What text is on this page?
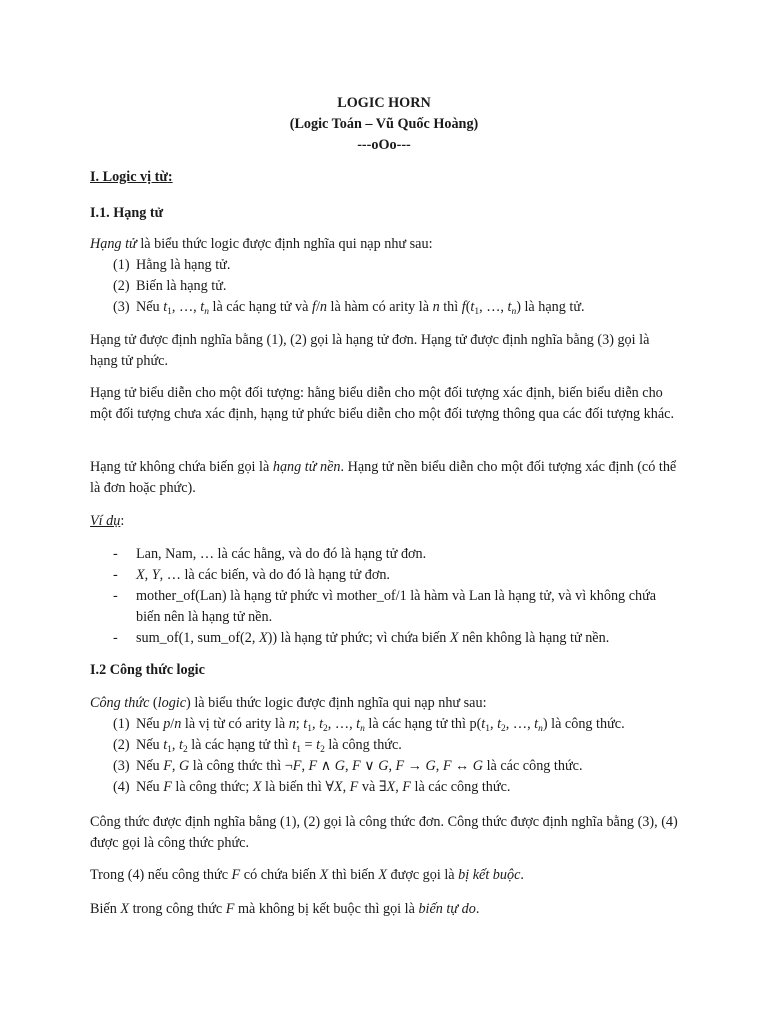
LOGIC HORN
(Logic Toán – Vũ Quốc Hoàng)
---oOo---
I. Logic vị từ:
I.1. Hạng tử
Hạng tử là biểu thức logic được định nghĩa qui nạp như sau:
(1) Hằng là hạng tử.
(2) Biến là hạng tử.
(3) Nếu $t_1$, …, $t_n$ là các hạng tử và f/n là hàm có arity là n thì $f(t_1$, …, $t_n$) là hạng tử.
Hạng tử được định nghĩa bằng (1), (2) gọi là hạng tử đơn. Hạng tử được định nghĩa bằng (3) gọi là hạng tử phức.
Hạng tử biểu diễn cho một đối tượng: hằng biểu diễn cho một đối tượng xác định, biến biểu diễn cho một đối tượng chưa xác định, hạng tử phức biểu diễn cho một đối tượng thông qua các đối tượng khác.
Hạng tử không chứa biến gọi là hạng tử nền. Hạng tử nền biểu diễn cho một đối tượng xác định (có thể là đơn hoặc phức).
Ví dụ:
- Lan, Nam, … là các hằng, và do đó là hạng tử đơn.
- X, Y, … là các biến, và do đó là hạng tử đơn.
- mother_of(Lan) là hạng tử phức vì mother_of/1 là hàm và Lan là hạng tử, và vì không chứa biến nên là hạng tử nền.
- sum_of(1, sum_of(2, X)) là hạng tử phức; vì chứa biến X nên không là hạng tử nền.
I.2 Công thức logic
Công thức (logic) là biểu thức logic được định nghĩa qui nạp như sau:
(1) Nếu p/n là vị từ có arity là n; $t_1$, $t_2$, …, $t_n$ là các hạng tử thì $p(t_1$, $t_2$, …, $t_n$) là công thức.
(2) Nếu $t_1$, $t_2$ là các hạng tử thì $t_1 = t_2$ là công thức.
(3) Nếu F, G là công thức thì ¬F, F ∧ G, F ∨ G, F → G, F ↔ G là các công thức.
(4) Nếu F là công thức; X là biến thì ∀X, F và ∃X, F là các công thức.
Công thức được định nghĩa bằng (1), (2) gọi là công thức đơn. Công thức được định nghĩa bằng (3), (4) được gọi là công thức phức.
Trong (4) nếu công thức F có chứa biến X thì biến X được gọi là bị kết buộc.
Biến X trong công thức F mà không bị kết buộc thì gọi là biến tự do.
